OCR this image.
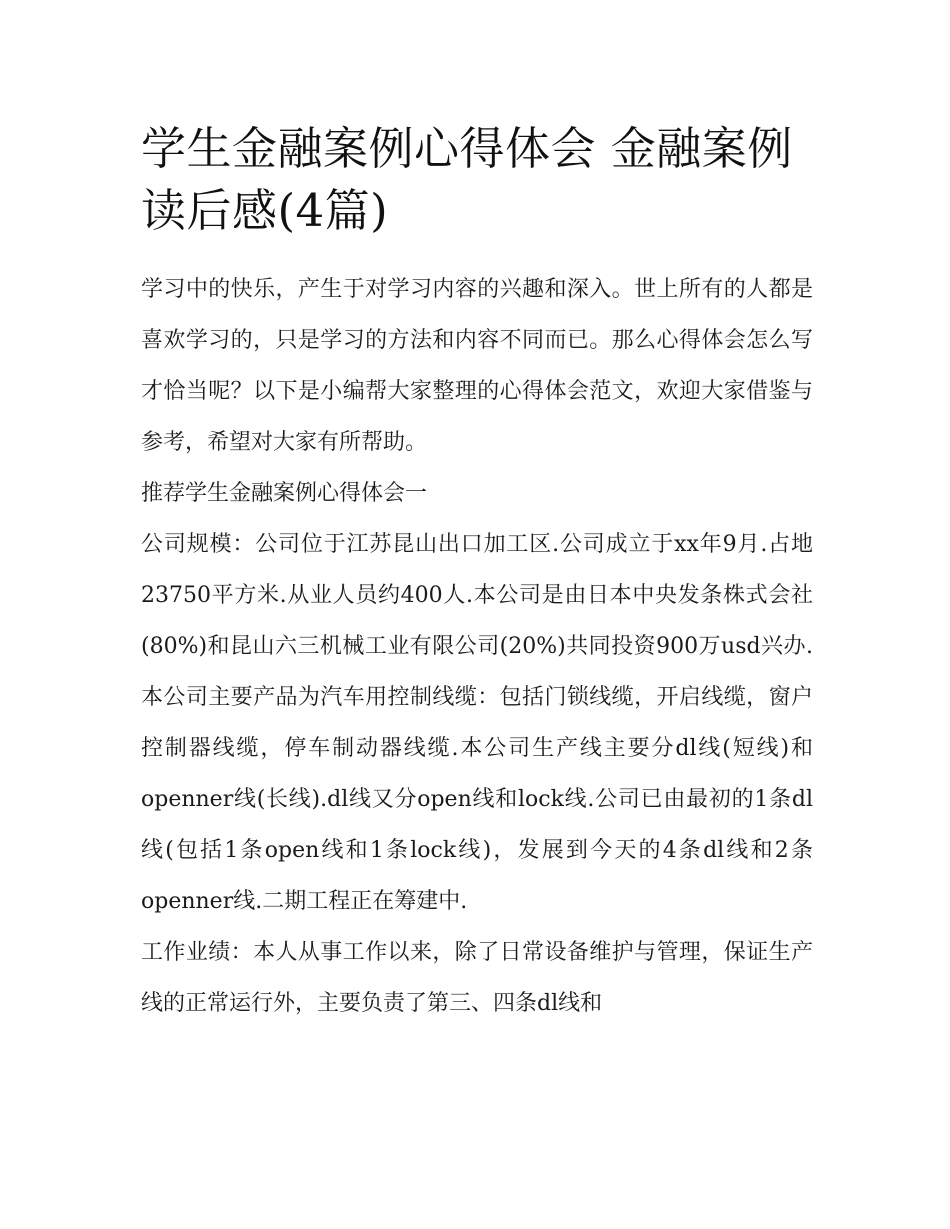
学生金融案例心得体会 金融案例读后感(4篇)

学习中的快乐，产生于对学习内容的兴趣和深入。世上所有的人都是喜欢学习的，只是学习的方法和内容不同而已。那么心得体会怎么写才恰当呢？以下是小编帮大家整理的心得体会范文，欢迎大家借鉴与参考，希望对大家有所帮助。

推荐学生金融案例心得体会一

公司规模：公司位于江苏昆山出口加工区.公司成立于xx年9月.占地23750平方米.从业人员约400人.本公司是由日本中央发条株式会社(80%)和昆山六三机械工业有限公司(20%)共同投资900万usd兴办.本公司主要产品为汽车用控制线缆：包括门锁线缆，开启线缆，窗户控制器线缆，停车制动器线缆.本公司生产线主要分dl线(短线)和openner线(长线).dl线又分open线和lock线.公司已由最初的1条dl线(包括1条open线和1条lock线)，发展到今天的4条dl线和2条openner线.二期工程正在筹建中.

工作业绩：本人从事工作以来，除了日常设备维护与管理，保证生产线的正常运行外，主要负责了第三、四条dl线和
